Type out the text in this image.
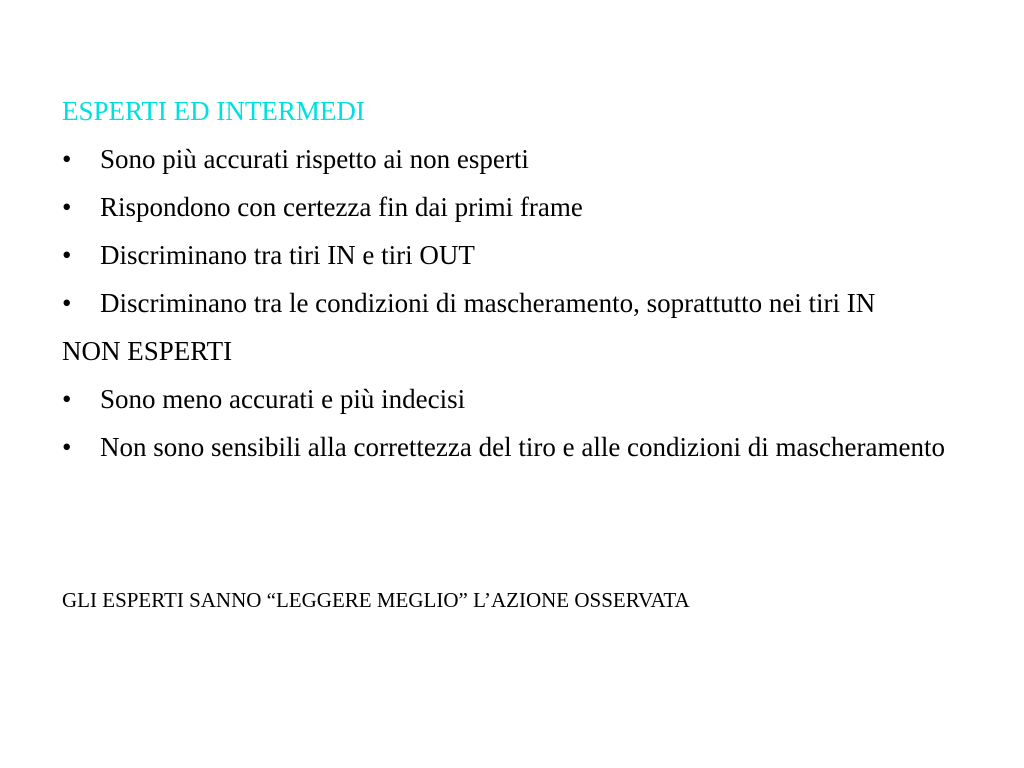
ESPERTI ED INTERMEDI

•	Sono più accurati rispetto ai non esperti
•	Rispondono con certezza fin dai primi frame
•	Discriminano tra tiri IN e tiri OUT
•	Discriminano tra le condizioni di mascheramento, soprattutto nei tiri IN

NON ESPERTI

•	Sono meno accurati e più indecisi
•	Non sono sensibili alla correttezza del tiro e alle condizioni di mascheramento
GLI ESPERTI SANNO “LEGGERE MEGLIO” L’AZIONE OSSERVATA
